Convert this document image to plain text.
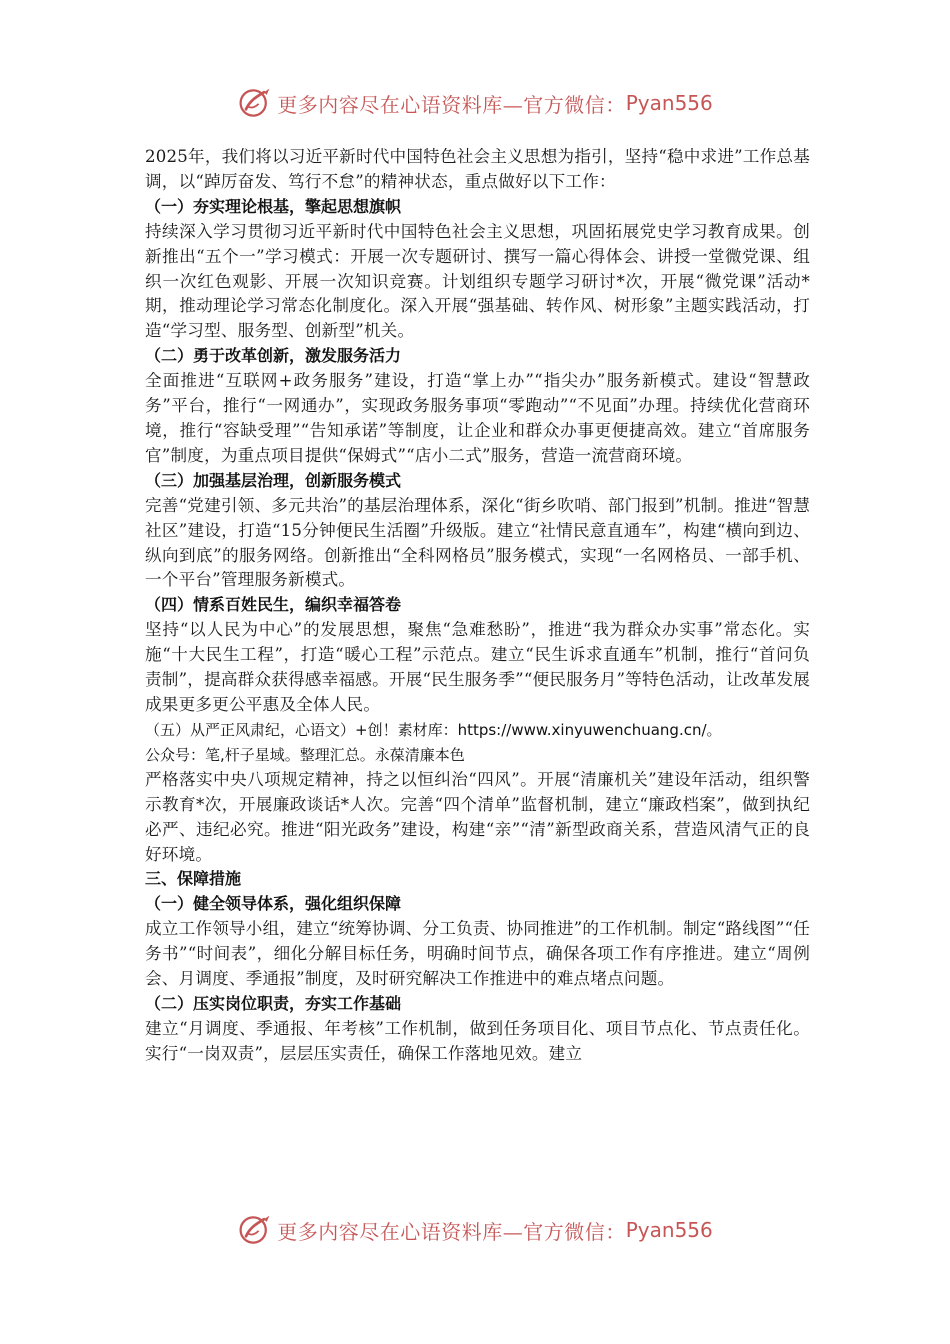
更多内容尽在心语资料库—官方微信： Pyan556

2025年，我们将以习近平新时代中国特色社会主义思想为指引，坚持“稳中求进”工作总基调，以“踔厉奋发、笃行不怠”的精神状态，重点做好以下工作：

（一）夯实理论根基，擎起思想旗帜

持续深入学习贯彻习近平新时代中国特色社会主义思想，巩固拓展党史学习教育成果。创新推出“五个一”学习模式：开展一次专题研讨、撰写一篇心得体会、讲授一堂微党课、组织一次红色观影、开展一次知识竞赛。计划组织专题学习研讨*次，开展“微党课”活动*期，推动理论学习常态化制度化。深入开展“强基础、转作风、树形象”主题实践活动，打造“学习型、服务型、创新型”机关。

（二）勇于改革创新，激发服务活力

全面推进“互联网+政务服务”建设，打造“掌上办”“指尖办”服务新模式。建设“智慧政务”平台，推行“一网通办”，实现政务服务事项“零跑动”“不见面”办理。持续优化营商环境，推行“容缺受理”“告知承诺”等制度，让企业和群众办事更便捷高效。建立“首席服务官”制度，为重点项目提供“保姆式”“店小二式”服务，营造一流营商环境。

（三）加强基层治理，创新服务模式

完善“党建引领、多元共治”的基层治理体系，深化“街乡吹哨、部门报到”机制。推进“智慧社区”建设，打造“15分钟便民生活圈”升级版。建立“社情民意直通车”，构建“横向到边、纵向到底”的服务网络。创新推出“全科网格员”服务模式，实现“一名网格员、一部手机、一个平台”管理服务新模式。

（四）情系百姓民生，编织幸福答卷

坚持“以人民为中心”的发展思想，聚焦“急难愁盼”，推进“我为群众办实事”常态化。实施“十大民生工程”，打造“暖心工程”示范点。建立“民生诉求直通车”机制，推行“首问负责制”，提高群众获得感幸福感。开展“民生服务季”“便民服务月”等特色活动，让改革发展成果更多更公平惠及全体人民。

（五）从严正风肃纪，心语文）+创！素材库：https://www.xinyuwenchuang.cn/。

公众号：笔,杆子星域。整理汇总。永葆清廉本色

严格落实中央八项规定精神，持之以恒纠治“四风”。开展“清廉机关”建设年活动，组织警示教育*次，开展廉政谈话*人次。完善“四个清单”监督机制，建立“廉政档案”，做到执纪必严、违纪必究。推进“阳光政务”建设，构建“亲”“清”新型政商关系，营造风清气正的良好环境。

三、保障措施

（一）健全领导体系，强化组织保障

成立工作领导小组，建立“统筹协调、分工负责、协同推进”的工作机制。制定“路线图”“任务书”“时间表”，细化分解目标任务，明确时间节点，确保各项工作有序推进。建立“周例会、月调度、季通报”制度，及时研究解决工作推进中的难点堵点问题。

（二）压实岗位职责，夯实工作基础

建立“月调度、季通报、年考核”工作机制，做到任务项目化、项目节点化、节点责任化。实行“一岗双责”，层层压实责任，确保工作落地见效。建立

更多内容尽在心语资料库—官方微信： Pyan556
